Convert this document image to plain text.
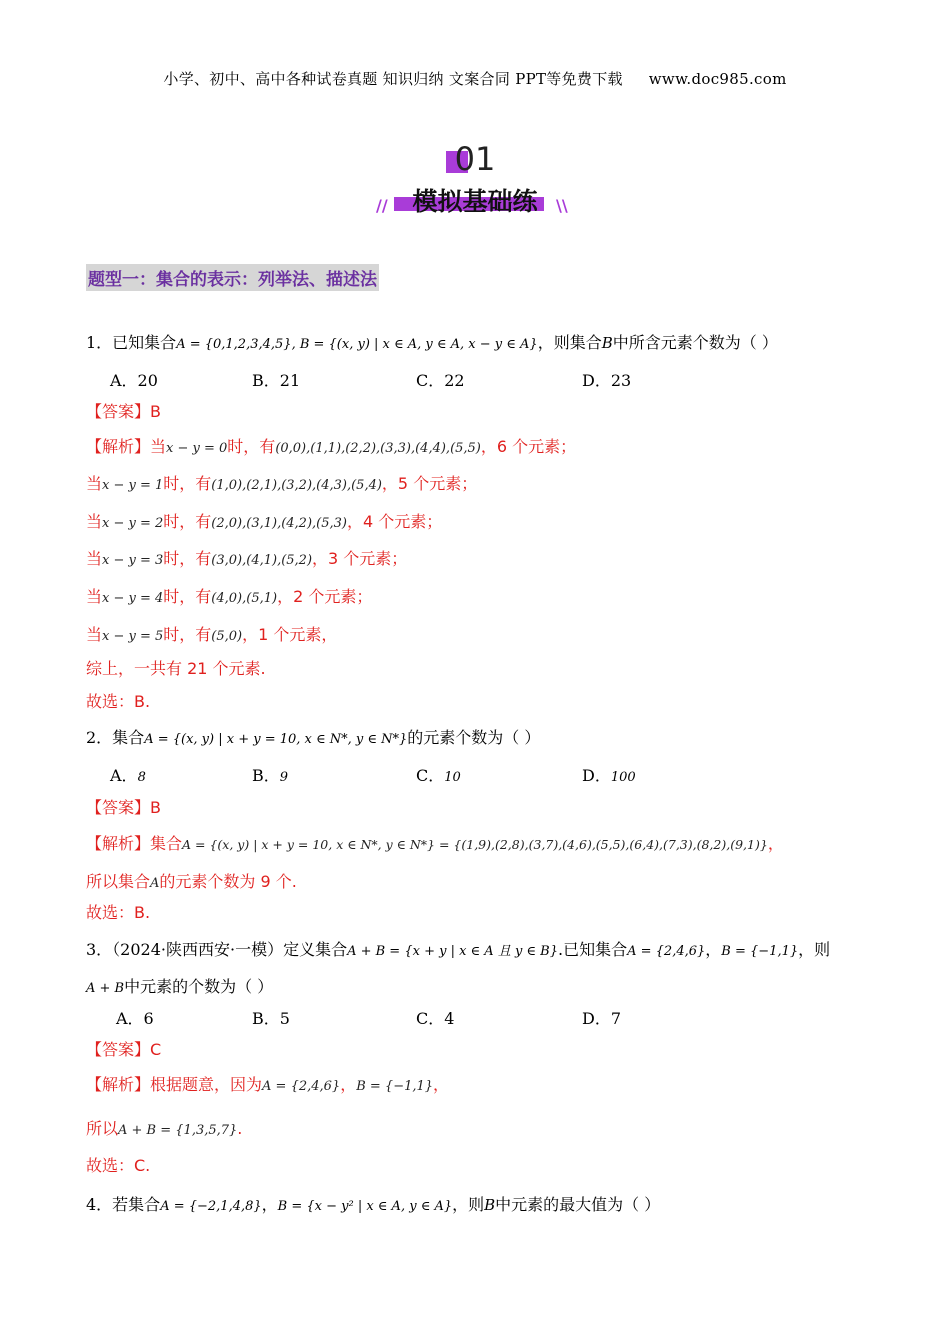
小学、初中、高中各种试卷真题 知识归纳 文案合同 PPT等免费下载 www.doc985.com
01
模拟基础练
//	\\
题型一：集合的表示：列举法、描述法
1．已知集合A = {0,1,2,3,4,5}, B = {(x, y) | x ∈ A, y ∈ A, x − y ∈ A}，则集合B中所含元素个数为（ ）
A．20	B．21	C．22	D．23
【答案】B
【解析】当x − y = 0时，有(0,0),(1,1),(2,2),(3,3),(4,4),(5,5)，6 个元素；
当x − y = 1时，有(1,0),(2,1),(3,2),(4,3),(5,4)，5 个元素；
当x − y = 2时，有(2,0),(3,1),(4,2),(5,3)，4 个元素；
当x − y = 3时，有(3,0),(4,1),(5,2)，3 个元素；
当x − y = 4时，有(4,0),(5,1)，2 个元素；
当x − y = 5时，有(5,0)，1 个元素，
综上，一共有 21 个元素.
故选：B.
2．集合A = {(x, y) | x + y = 10, x ∈ N*, y ∈ N*}的元素个数为（ ）
A．8	B．9	C．10	D．100
【答案】B
【解析】集合A = {(x, y) | x + y = 10, x ∈ N*, y ∈ N*} = {(1,9),(2,8),(3,7),(4,6),(5,5),(6,4),(7,3),(8,2),(9,1)}，
所以集合A的元素个数为 9 个.
故选：B.
3．（2024·陕西西安·一模）定义集合A + B = {x + y | x ∈ A 且 y ∈ B}.已知集合A = {2,4,6}，B = {−1,1}，则
A + B中元素的个数为（ ）
A．6	B．5	C．4	D．7
【答案】C
【解析】根据题意，因为A = {2,4,6}，B = {−1,1}，
所以A + B = {1,3,5,7}.
故选：C.
4．若集合A = {−2,1,4,8}，B = {x − y² | x ∈ A, y ∈ A}，则B中元素的最大值为（ ）
